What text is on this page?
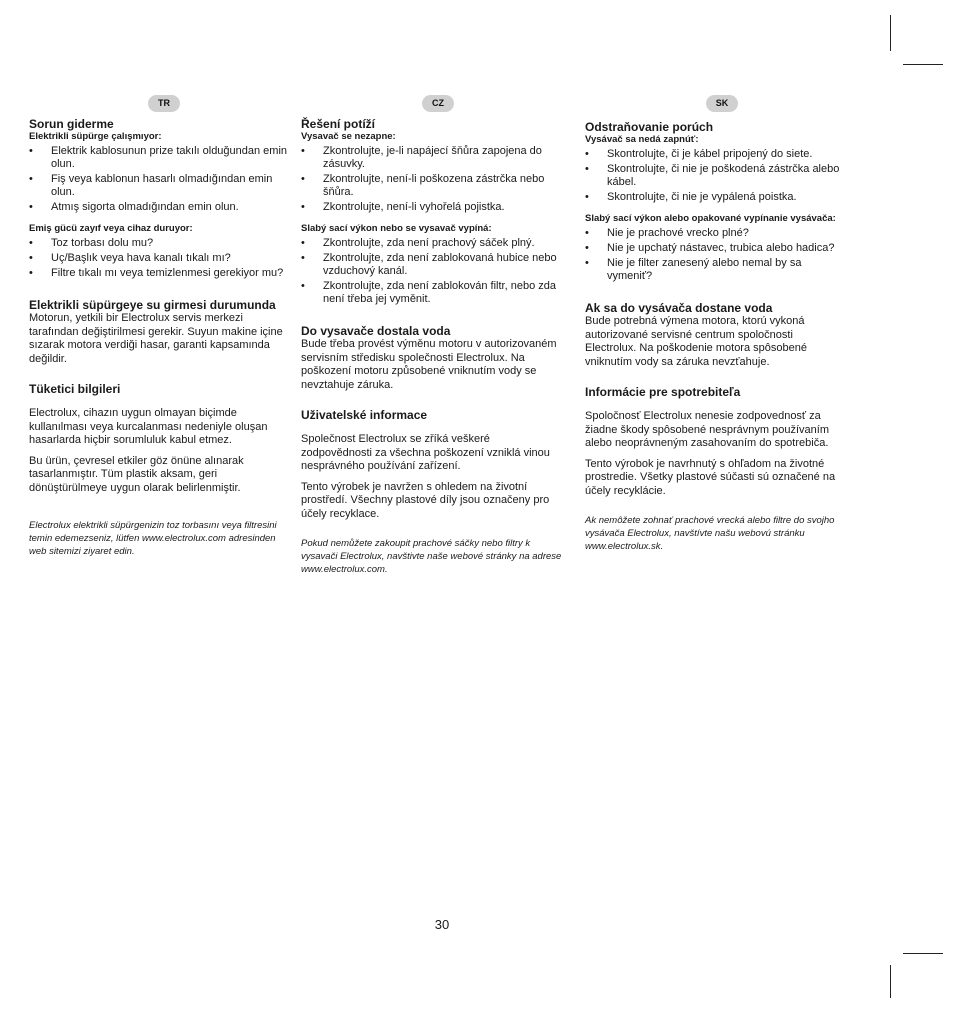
TR	CZ	SK
Sorun giderme
Elektrikli süpürge çalışmıyor:
• Elektrik kablosunun prize takılı olduğundan emin olun.
• Fiş veya kablonun hasarlı olmadığından emin olun.
• Atmış sigorta olmadığından emin olun.
Emiş gücü zayıf veya cihaz duruyor:
• Toz torbası dolu mu?
• Uç/Başlık veya hava kanalı tıkalı mı?
• Filtre tıkalı mı veya temizlenmesi gerekiyor mu?
Elektrikli süpürgeye su girmesi durumunda

Motorun, yetkili bir Electrolux servis merkezi tarafından değiştirilmesi gerekir. Suyun makine içine sızarak motora verdiği hasar, garanti kapsamında değildir.

Tüketici bilgileri

Electrolux, cihazın uygun olmayan biçimde kullanılması veya kurcalanması nedeniyle oluşan hasarlarda hiçbir sorumluluk kabul etmez.

Bu ürün, çevresel etkiler göz önüne alınarak tasarlanmıştır. Tüm plastik aksam, geri dönüştürülmeye uygun olarak belirlenmiştir.

Electrolux elektrikli süpürgenizin toz torbasını veya filtresini temin edemezseniz, lütfen www.electrolux.com adresinden web sitemizi ziyaret edin.

Řešení potíží
Vysavač se nezapne:
• Zkontrolujte, je-li napájecí šňůra zapojena do zásuvky.
• Zkontrolujte, není-li poškozena zástrčka nebo šňůra.
• Zkontrolujte, není-li vyhořelá pojistka.
Slabý sací výkon nebo se vysavač vypíná:
• Zkontrolujte, zda není prachový sáček plný.
• Zkontrolujte, zda není zablokovaná hubice nebo vzduchový kanál.
• Zkontrolujte, zda není zablokován filtr, nebo zda není třeba jej vyměnit.
Do vysavače dostala voda

Bude třeba provést výměnu motoru v autorizovaném servisním středisku společnosti Electrolux. Na poškození motoru způsobené vniknutím vody se nevztahuje záruka.

Uživatelské informace

Společnost Electrolux se zříká veškeré zodpovědnosti za všechna poškození vzniklá vinou nesprávného používání zařízení.

Tento výrobek je navržen s ohledem na životní prostředí. Všechny plastové díly jsou označeny pro účely recyklace.

Pokud nemůžete zakoupit prachové sáčky nebo filtry k vysavači Electrolux, navštivte naše webové stránky na adrese www.electrolux.com.

Odstraňovanie porúch
Vysávač sa nedá zapnúť:
• Skontrolujte, či je kábel pripojený do siete.
• Skontrolujte, či nie je poškodená zástrčka alebo kábel.
• Skontrolujte, či nie je vypálená poistka.
Slabý sací výkon alebo opakované vypínanie vysávača:
• Nie je prachové vrecko plné?
• Nie je upchatý nástavec, trubica alebo hadica?
• Nie je filter zanesený alebo nemal by sa vymeniť?
Ak sa do vysávača dostane voda

Bude potrebná výmena motora, ktorú vykoná autorizované servisné centrum spoločnosti Electrolux. Na poškodenie motora spôsobené vniknutím vody sa záruka nevzťahuje.

Informácie pre spotrebiteľa

Spoločnosť Electrolux nenesie zodpovednosť za žiadne škody spôsobené nesprávnym používaním alebo neoprávneným zasahovaním do spotrebiča.

Tento výrobok je navrhnutý s ohľadom na životné prostredie. Všetky plastové súčasti sú označené na účely recyklácie.

Ak nemôžete zohnať prachové vrecká alebo filtre do svojho vysávača Electrolux, navštívte našu webovú stránku www.electrolux.sk.

30
